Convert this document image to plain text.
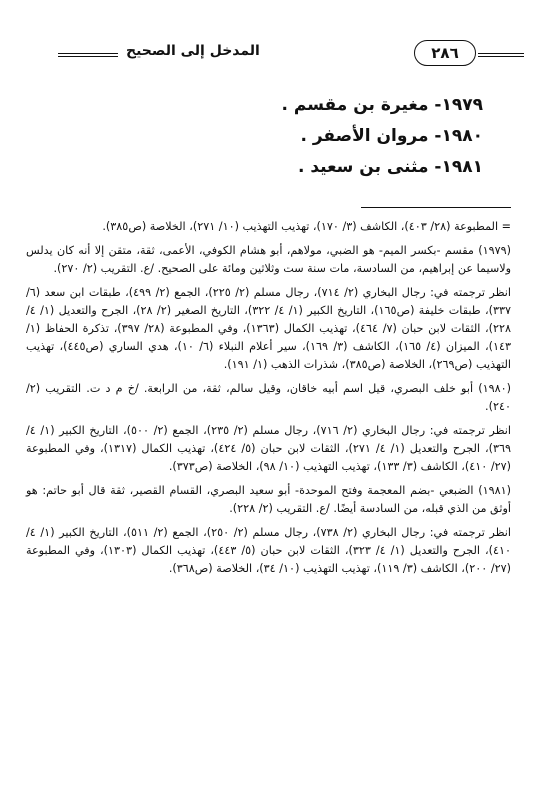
المدخل إلى الصحيح	٢٨٦
١٩٧٩- مغيرة بن مقسم .
١٩٨٠- مروان الأصفر .
١٩٨١- مثنى بن سعيد .

= المطبوعة (٢٨/ ٤٠٣)، الكاشف (٣/ ١٧٠)، تهذيب التهذيب (١٠/ ٢٧١)، الخلاصة (ص٣٨٥).

(١٩٧٩) مقسم -بكسر الميم- هو الضبي، مولاهم، أبو هشام الكوفي، الأعمى، ثقة، متقن إلا أنه كان يدلس ولاسيما عن إبراهيم، من السادسة، مات سنة ست وثلاثين ومائة على الصحيح. /ع. التقريب (٢/ ٢٧٠).

انظر ترجمته في: رجال البخاري (٢/ ٧١٤)، رجال مسلم (٢/ ٢٢٥)، الجمع (٢/ ٤٩٩)، طبقات ابن سعد (٦/ ٣٣٧)، طبقات خليفة (ص١٦٥)، التاريخ الكبير (١/ ٤/ ٣٢٢)، التاريخ الصغير (٢/ ٢٨)، الجرح والتعديل (١/ ٤/ ٢٢٨)، الثقات لابن حبان (٧/ ٤٦٤)، تهذيب الكمال (١٣٦٣)، وفي المطبوعة (٢٨/ ٣٩٧)، تذكرة الحفاظ (١/ ١٤٣)، الميزان (٤/ ١٦٥)، الكاشف (٣/ ١٦٩)، سير أعلام النبلاء (٦/ ١٠)، هدي الساري (ص٤٤٥)، تهذيب التهذيب (ص٢٦٩)، الخلاصة (ص٣٨٥)، شذرات الذهب (١/ ١٩١).

(١٩٨٠) أبو خلف البصري، قيل اسم أبيه خاقان، وقيل سالم، ثقة، من الرابعة. /خ م د ت. التقريب (٢/ ٢٤٠).

انظر ترجمته في: رجال البخاري (٢/ ٧١٦)، رجال مسلم (٢/ ٢٣٥)، الجمع (٢/ ٥٠٠)، التاريخ الكبير (١/ ٤/ ٣٦٩)، الجرح والتعديل (١/ ٤/ ٢٧١)، الثقات لابن حبان (٥/ ٤٢٤)، تهذيب الكمال (١٣١٧)، وفي المطبوعة (٢٧/ ٤١٠)، الكاشف (٣/ ١٣٣)، تهذيب التهذيب (١٠/ ٩٨)، الخلاصة (ص٣٧٣).

(١٩٨١) الضبعي -بضم المعجمة وفتح الموحدة- أبو سعيد البصري، القسام القصير، ثقة قال أبو حاتم: هو أوثق من الذي قبله، من السادسة أيضًا. /ع. التقريب (٢/ ٢٢٨).

انظر ترجمته في: رجال البخاري (٢/ ٧٣٨)، رجال مسلم (٢/ ٢٥٠)، الجمع (٢/ ٥١١)، التاريخ الكبير (١/ ٤/ ٤١٠)، الجرح والتعديل (١/ ٤/ ٣٢٣)، الثقات لابن حبان (٥/ ٤٤٣)، تهذيب الكمال (١٣٠٣)، وفي المطبوعة (٢٧/ ٢٠٠)، الكاشف (٣/ ١١٩)، تهذيب التهذيب (١٠/ ٣٤)، الخلاصة (ص٣٦٨).
